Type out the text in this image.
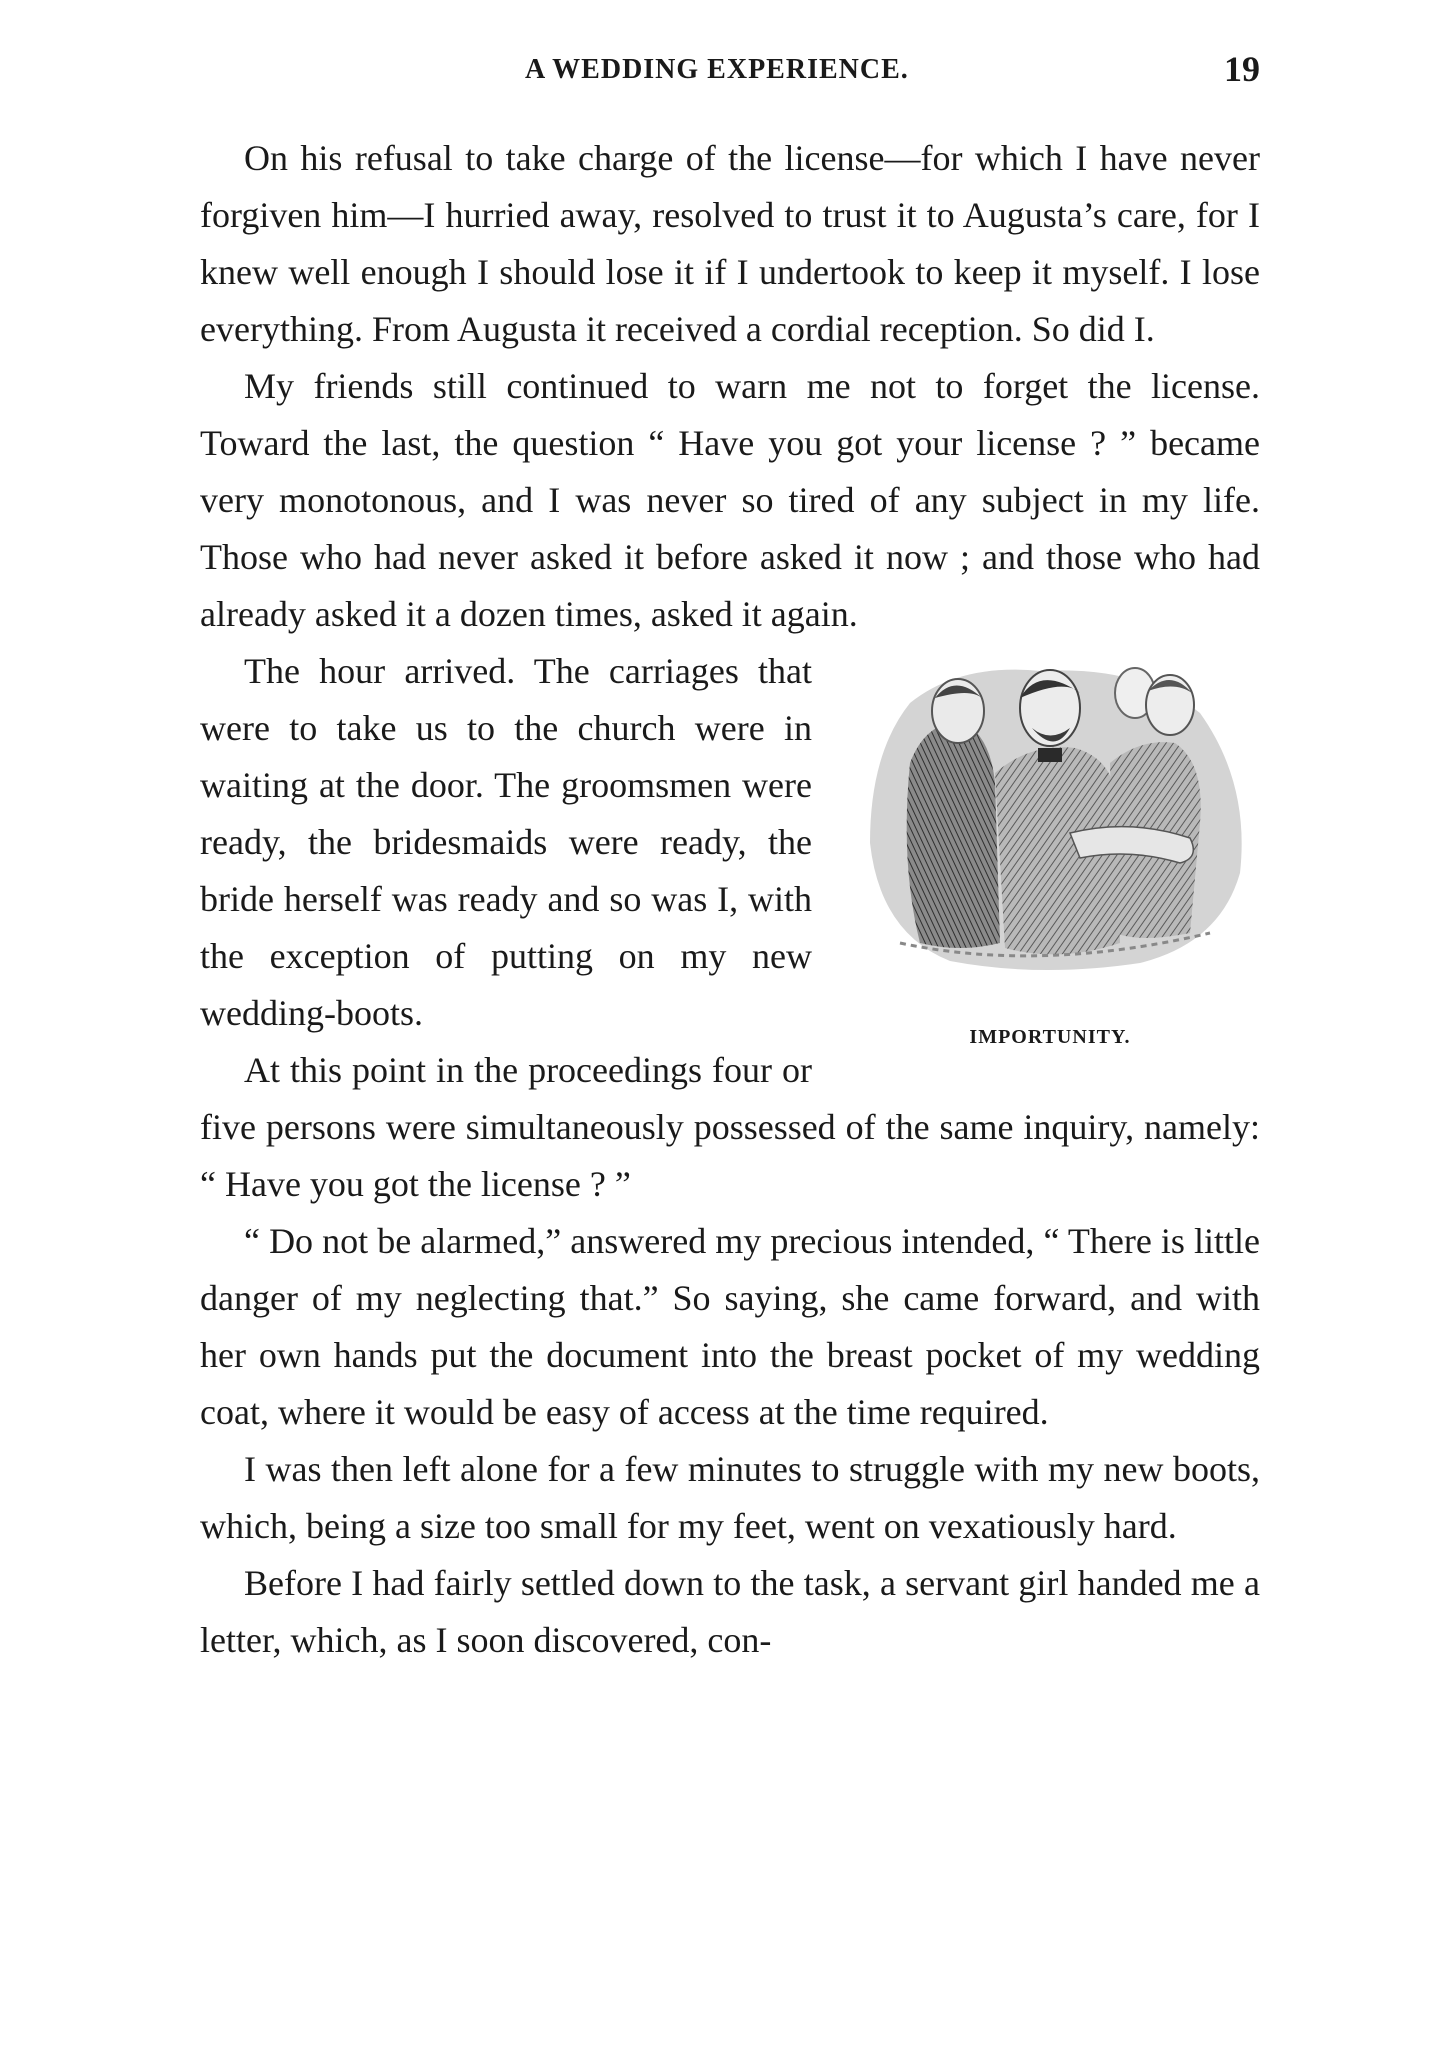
A WEDDING EXPERIENCE.	19

On his refusal to take charge of the license—for which I have never forgiven him—I hurried away, resolved to trust it to Augusta’s care, for I knew well enough I should lose it if I undertook to keep it myself. I lose everything. From Augusta it received a cordial reception. So did I.

My friends still continued to warn me not to forget the license. Toward the last, the question “ Have you got your license ? ” became very monotonous, and I was never so tired of any subject in my life. Those who had never asked it before asked it now ; and those who had already asked it a dozen times, asked it again.

IMPORTUNITY.

The hour arrived. The carriages that were to take us to the church were in waiting at the door. The groomsmen were ready, the bridesmaids were ready, the bride herself was ready and so was I, with the exception of putting on my new wedding-boots.

At this point in the proceedings four or five persons were simultaneously possessed of the same inquiry, namely: “ Have you got the license ? ”

“ Do not be alarmed,” answered my precious intended, “ There is little danger of my neglecting that.” So saying, she came forward, and with her own hands put the document into the breast pocket of my wedding coat, where it would be easy of access at the time required.

I was then left alone for a few minutes to struggle with my new boots, which, being a size too small for my feet, went on vexatiously hard.

Before I had fairly settled down to the task, a servant girl handed me a letter, which, as I soon discovered, con-
